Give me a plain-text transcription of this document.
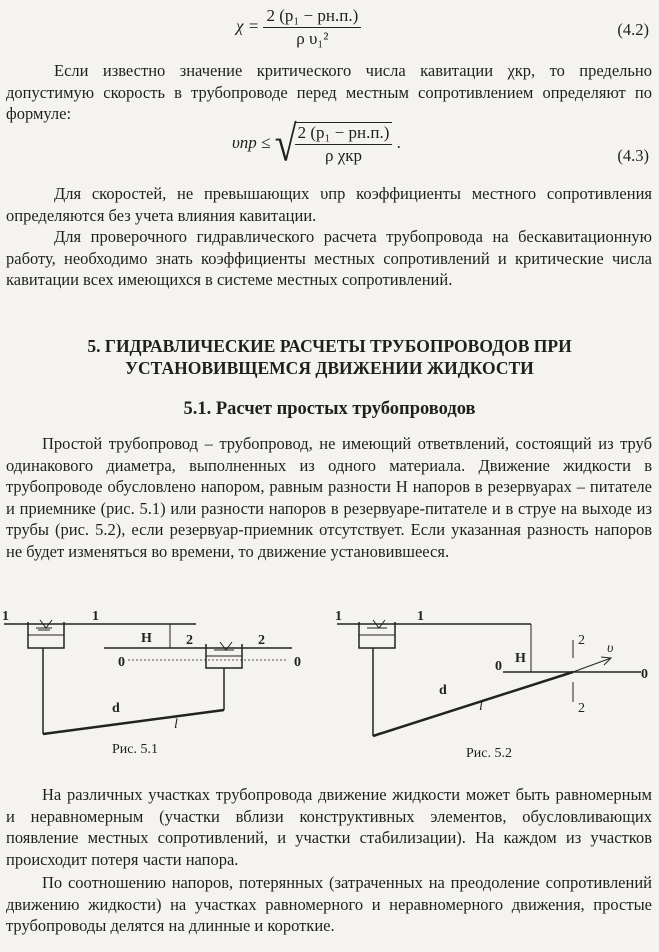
$\chi = \frac{\text{2 (p₁ − pн.п.)}}{\text{ρ υ₁²}}$	(4.2)

Если известно значение критического числа кавитации χкр, то предельно допустимую скорость в трубопроводе перед местным сопротивлением определяют по формуле:

υпр ≤ √
$\frac{\text{2 (p₁ − pн.п.)}}{\text{ρ χкр}}$ .
(4.3)

Для скоростей, не превышающих υпр коэффициенты местного сопротивления определяются без учета влияния кавитации.

Для проверочного гидравлического расчета трубопровода на бескавитационную работу, необходимо знать коэффициенты местных сопротивлений и критические числа кавитации всех имеющихся в системе местных сопротивлений.

5. ГИДРАВЛИЧЕСКИЕ РАСЧЕТЫ ТРУБОПРОВОДОВ ПРИ
УСТАНОВИВЩЕМСЯ ДВИЖЕНИИ ЖИДКОСТИ
5.1. Расчет простых трубопроводов

Простой трубопровод – трубопровод, не имеющий ответвлений, состоящий из труб одинакового диаметра, выполненных из одного материала. Движение жидкости в трубопроводе обусловлено напором, равным разности Н напоров в резервуарах – питателе и приемнике (рис. 5.1) или разности напоров в резервуаре-питателе и в струе на выходе из трубы (рис. 5.2), если резервуар-приемник отсутствует. Если указанная разность напоров не будет изменяться во времени, то движение установившееся.

1	1
Н 2	2
0	0
d
l
Рис. 5.1
1	1
Н
0
0
d
2
2
υ
l
Рис. 5.2

На различных участках трубопровода движение жидкости может быть равномерным и неравномерным (участки вблизи конструктивных элементов, обусловливающих появление местных сопротивлений, и участки стабилизации). На каждом из участков происходит потеря части напора.

По соотношению напоров, потерянных (затраченных на преодоление сопротивлений движению жидкости) на участках равномерного и неравномерного движения, простые трубопроводы делятся на длинные и короткие.
